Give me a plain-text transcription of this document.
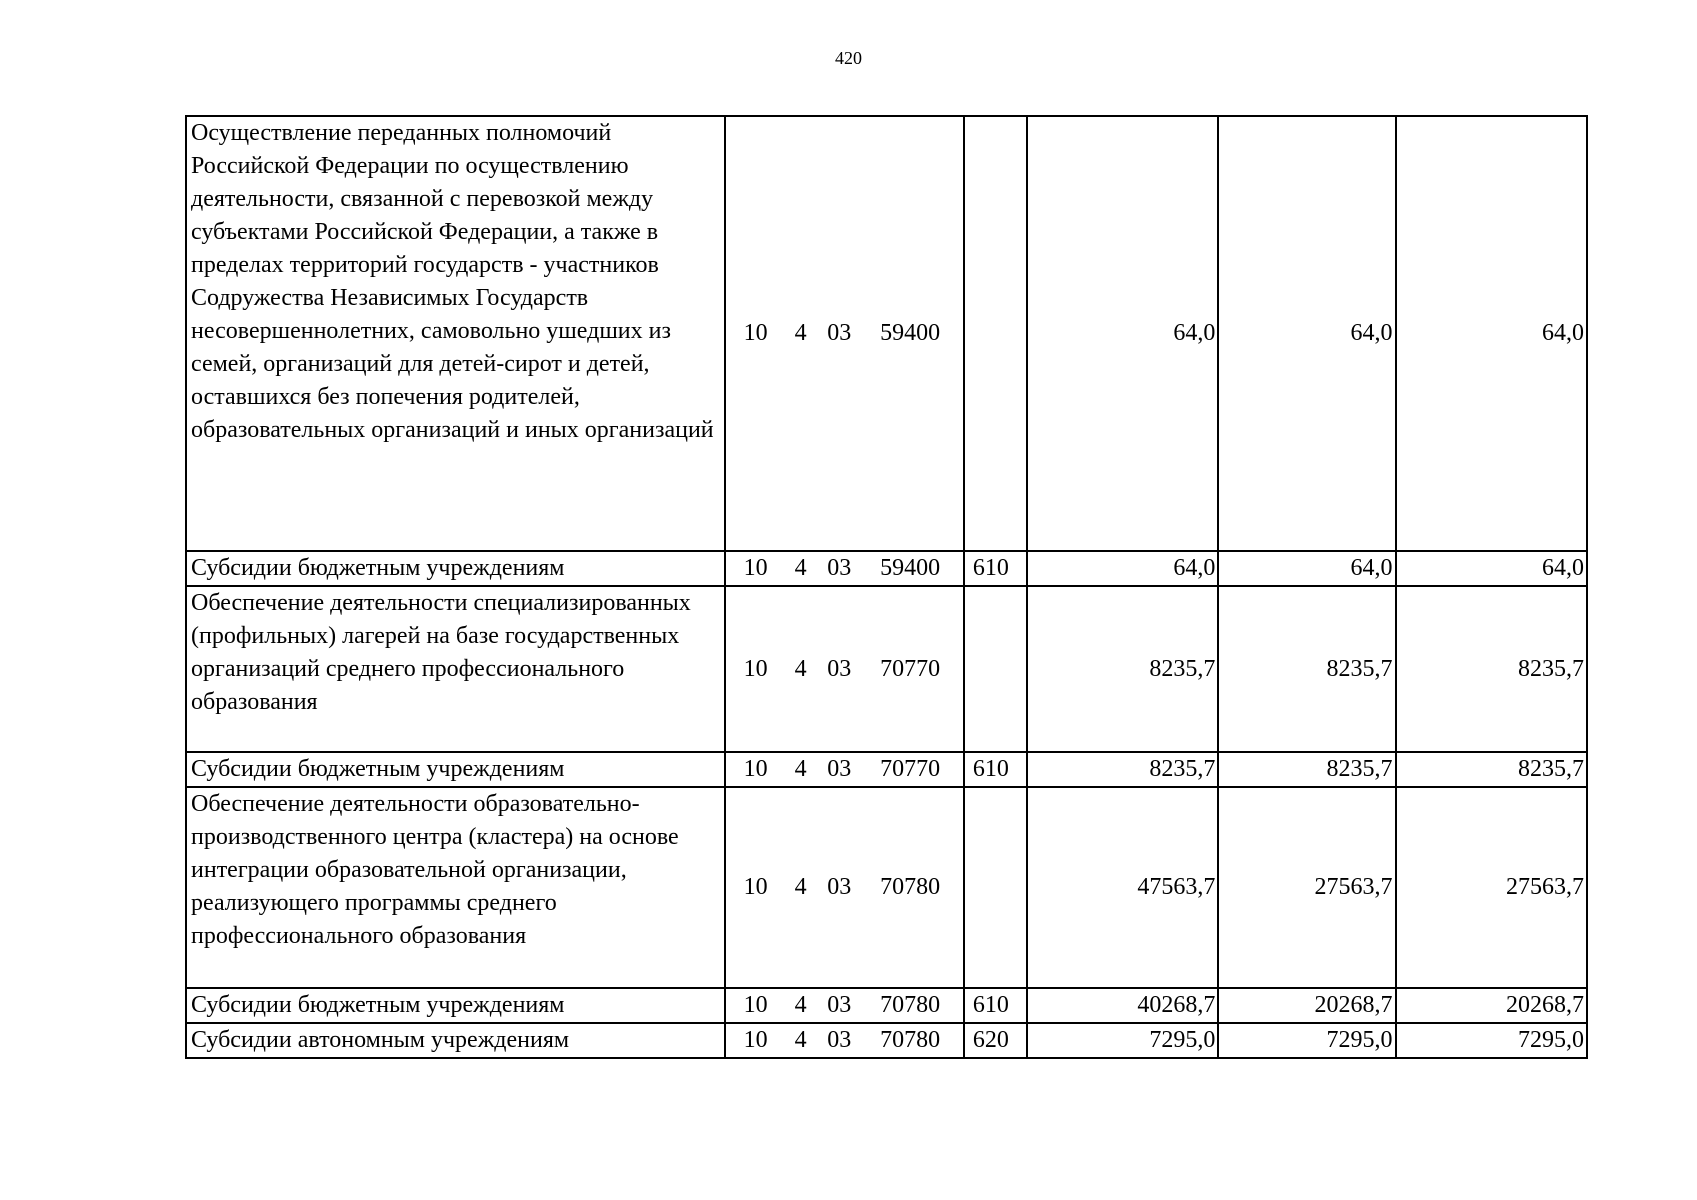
420
Осуществление переданных полномочий Российской Федерации по осуществлению деятельности, связанной с перевозкой между субъектами Российской Федерации, а также в пределах территорий государств - участников Содружества Независимых Государств несовершеннолетних, самовольно ушедших из семей, организаций для детей-сирот и детей, оставшихся без попечения родителей, образовательных организаций и иных организаций	10	4	03	59400		64,0	64,0	64,0
Субсидии бюджетным учреждениям	10	4	03	59400	610	64,0	64,0	64,0
Обеспечение деятельности специализированных (профильных) лагерей на базе государственных организаций среднего профессионального образования	10	4	03	70770		8235,7	8235,7	8235,7
Субсидии бюджетным учреждениям	10	4	03	70770	610	8235,7	8235,7	8235,7
Обеспечение деятельности образовательно-производственного центра (кластера) на основе интеграции образовательной организации, реализующего программы среднего профессионального образования	10	4	03	70780		47563,7	27563,7	27563,7
Субсидии бюджетным учреждениям	10	4	03	70780	610	40268,7	20268,7	20268,7
Субсидии автономным учреждениям	10	4	03	70780	620	7295,0	7295,0	7295,0
